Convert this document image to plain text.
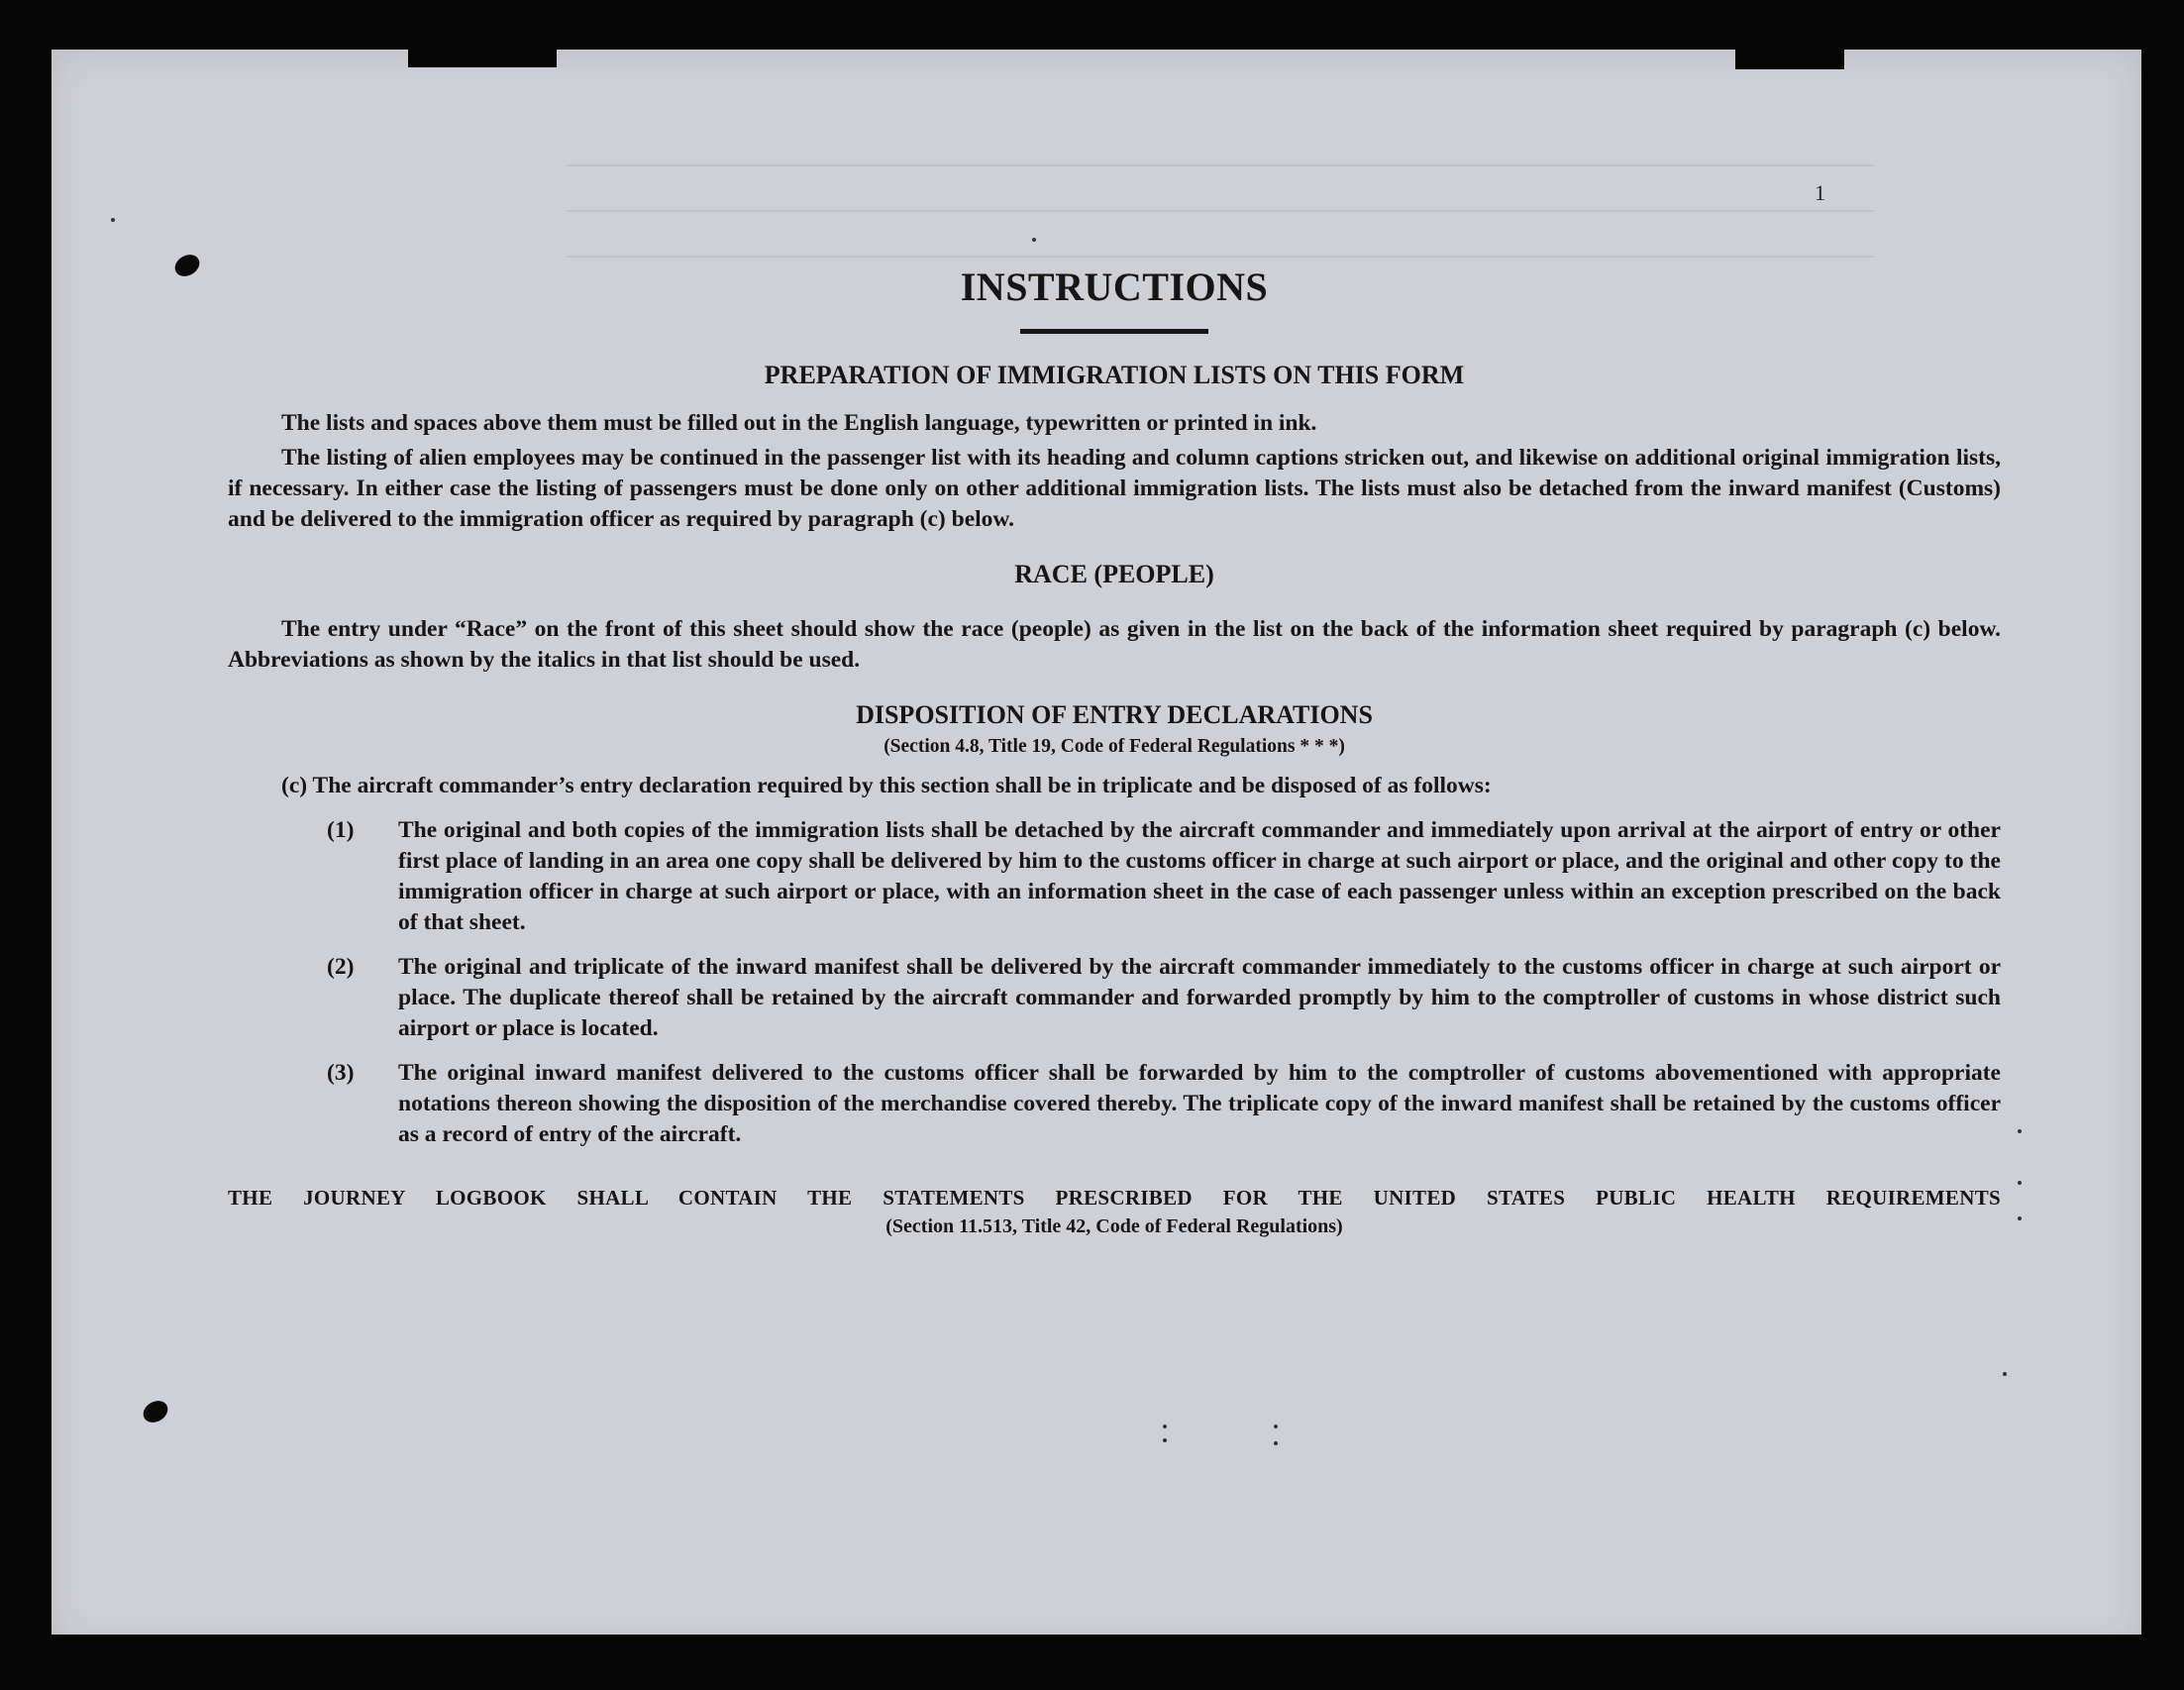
1
INSTRUCTIONS
PREPARATION OF IMMIGRATION LISTS ON THIS FORM

The lists and spaces above them must be filled out in the English language, typewritten or printed in ink.

The listing of alien employees may be continued in the passenger list with its heading and column captions stricken out, and likewise on additional original immigration lists, if necessary. In either case the listing of passengers must be done only on other additional immigration lists. The lists must also be detached from the inward manifest (Customs) and be delivered to the immigration officer as required by paragraph (c) below.

RACE (PEOPLE)

The entry under “Race” on the front of this sheet should show the race (people) as given in the list on the back of the information sheet required by paragraph (c) below. Abbreviations as shown by the italics in that list should be used.

DISPOSITION OF ENTRY DECLARATIONS

(Section 4.8, Title 19, Code of Federal Regulations * * *)

(c) The aircraft commander’s entry declaration required by this section shall be in triplicate and be disposed of as follows:

(1) The original and both copies of the immigration lists shall be detached by the aircraft commander and immediately upon arrival at the airport of entry or other first place of landing in an area one copy shall be delivered by him to the customs officer in charge at such airport or place, and the original and other copy to the immigration officer in charge at such airport or place, with an information sheet in the case of each passenger unless within an exception prescribed on the back of that sheet.

(2) The original and triplicate of the inward manifest shall be delivered by the aircraft commander immediately to the customs officer in charge at such airport or place. The duplicate thereof shall be retained by the aircraft commander and forwarded promptly by him to the comptroller of customs in whose district such airport or place is located.

(3) The original inward manifest delivered to the customs officer shall be forwarded by him to the comptroller of customs abovementioned with appropriate notations thereon showing the disposition of the merchandise covered thereby. The triplicate copy of the inward manifest shall be retained by the customs officer as a record of entry of the aircraft.

THE JOURNEY LOGBOOK SHALL CONTAIN THE STATEMENTS PRESCRIBED FOR THE UNITED STATES PUBLIC HEALTH REQUIREMENTS

(Section 11.513, Title 42, Code of Federal Regulations)
